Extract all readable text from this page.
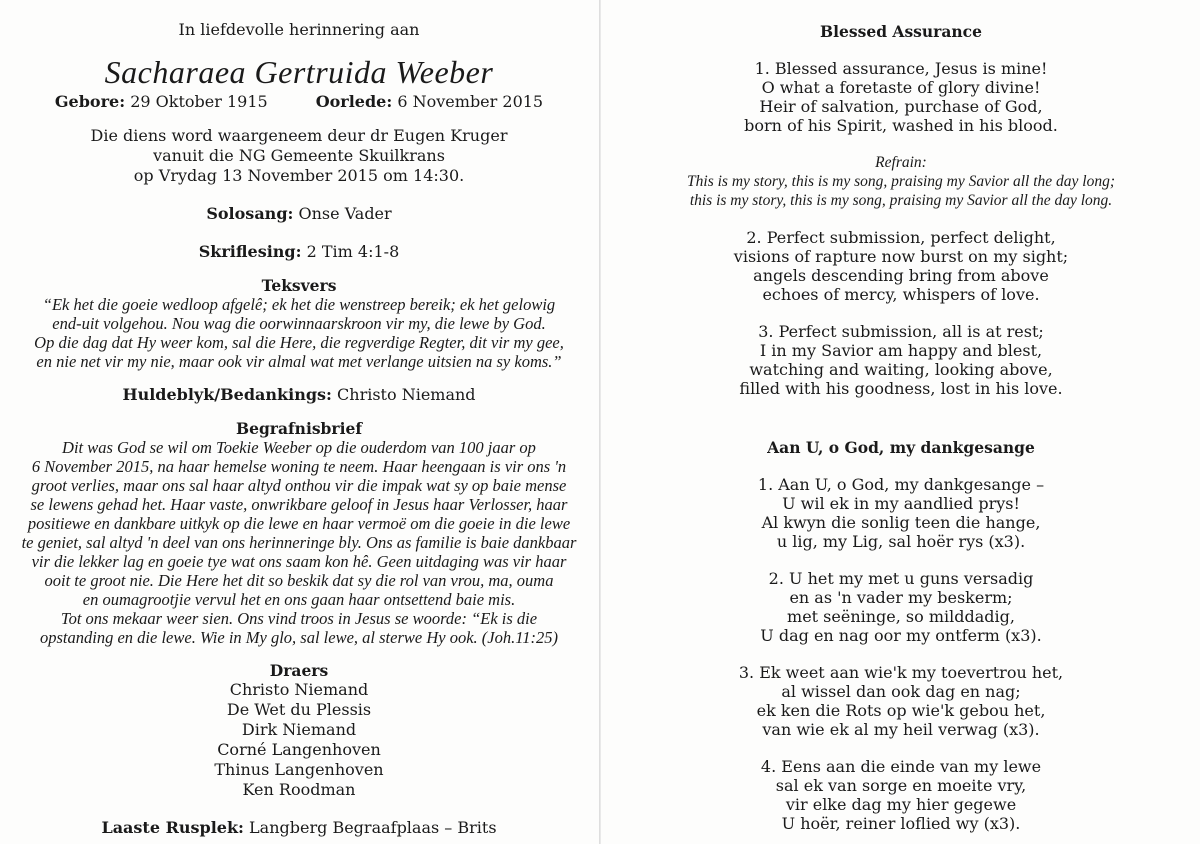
In liefdevolle herinnering aan
Sacharaea Gertruida Weeber
Gebore: 29 Oktober 1915	Oorlede: 6 November 2015
Die diens word waargeneem deur dr Eugen Kruger
vanuit die NG Gemeente Skuilkrans
op Vrydag 13 November 2015 om 14:30.
Solosang: Onse Vader
Skriflesing: 2 Tim 4:1-8
Teksvers
“Ek het die goeie wedloop afgelê; ek het die wenstreep bereik; ek het gelowig
end-uit volgehou. Nou wag die oorwinnaarskroon vir my, die lewe by God.
Op die dag dat Hy weer kom, sal die Here, die regverdige Regter, dit vir my gee,
en nie net vir my nie, maar ook vir almal wat met verlange uitsien na sy koms.”
Huldeblyk/Bedankings: Christo Niemand
Begrafnisbrief
Dit was God se wil om Toekie Weeber op die ouderdom van 100 jaar op
6 November 2015, na haar hemelse woning te neem. Haar heengaan is vir ons 'n
groot verlies, maar ons sal haar altyd onthou vir die impak wat sy op baie mense
se lewens gehad het. Haar vaste, onwrikbare geloof in Jesus haar Verlosser, haar
positiewe en dankbare uitkyk op die lewe en haar vermoë om die goeie in die lewe
te geniet, sal altyd 'n deel van ons herinneringe bly. Ons as familie is baie dankbaar
vir die lekker lag en goeie tye wat ons saam kon hê. Geen uitdaging was vir haar
ooit te groot nie. Die Here het dit so beskik dat sy die rol van vrou, ma, ouma
en oumagrootjie vervul het en ons gaan haar ontsettend baie mis.
Tot ons mekaar weer sien. Ons vind troos in Jesus se woorde: “Ek is die
opstanding en die lewe. Wie in My glo, sal lewe, al sterwe Hy ook. (Joh.11:25)
Draers
Christo Niemand
De Wet du Plessis
Dirk Niemand
Corné Langenhoven
Thinus Langenhoven
Ken Roodman
Laaste Rusplek: Langberg Begraafplaas – Brits
Blessed Assurance
1. Blessed assurance, Jesus is mine!
O what a foretaste of glory divine!
Heir of salvation, purchase of God,
born of his Spirit, washed in his blood.
Refrain:
This is my story, this is my song, praising my Savior all the day long;
this is my story, this is my song, praising my Savior all the day long.
2. Perfect submission, perfect delight,
visions of rapture now burst on my sight;
angels descending bring from above
echoes of mercy, whispers of love.
3. Perfect submission, all is at rest;
I in my Savior am happy and blest,
watching and waiting, looking above,
filled with his goodness, lost in his love.
Aan U, o God, my dankgesange
1. Aan U, o God, my dankgesange –
U wil ek in my aandlied prys!
Al kwyn die sonlig teen die hange,
u lig, my Lig, sal hoër rys (x3).
2. U het my met u guns versadig
en as 'n vader my beskerm;
met seëninge, so milddadig,
U dag en nag oor my ontferm (x3).
3. Ek weet aan wie'k my toevertrou het,
al wissel dan ook dag en nag;
ek ken die Rots op wie'k gebou het,
van wie ek al my heil verwag (x3).
4. Eens aan die einde van my lewe
sal ek van sorge en moeite vry,
vir elke dag my hier gegewe
U hoër, reiner loflied wy (x3).
